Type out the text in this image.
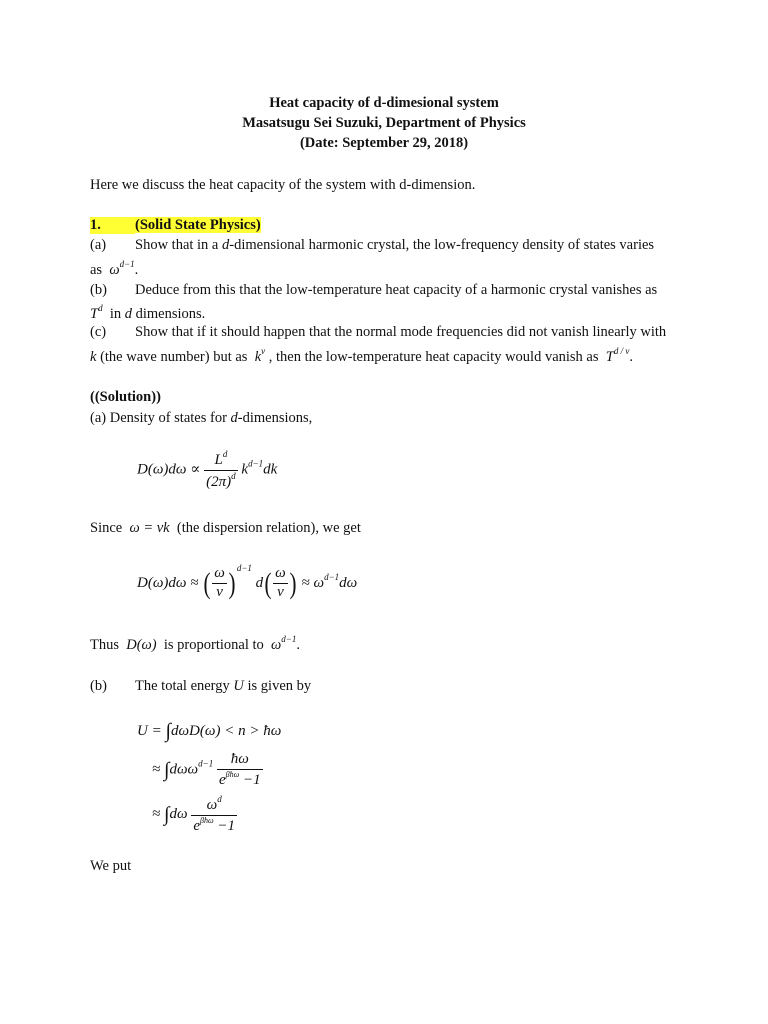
Heat capacity of d-dimesional system
Masatsugu Sei Suzuki, Department of Physics
(Date: September 29, 2018)
Here we discuss the heat capacity of the system with d-dimension.
1. (Solid State Physics)
(a) Show that in a d-dimensional harmonic crystal, the low-frequency density of states varies
as  $\omega^{d-1}$.
(b) Deduce from this that the low-temperature heat capacity of a harmonic crystal vanishes as
$T^d$ in d dimensions.
(c) Show that if it should happen that the normal mode frequencies did not vanish linearly with
k (the wave number) but as  $k^\nu$ , then the low-temperature heat capacity would vanish as  $T^{d / \nu}$.
((Solution))
(a) Density of states for d-dimensions,
$D(\omega)d\omega \propto \frac{L^d}{(2\pi)^d} k^{d-1}dk$
Since  ω = vk  (the dispersion relation), we get
D(ω)dω ≈ ( $\frac{\omega}{v}$ ) $^{d-1}$ $d( \frac{\omega}{v}$ ) ≈ $\omega^{d-1}d\omega$
Thus  D(ω)  is proportional to  $\omega^{d-1}$.
(b) The total energy U is given by
U = ∫dωD(ω) < n > ħω
≈ $\int d\omega\omega^{d-1} \frac{ħ\omega}{e^{\beta ħ\omega} -1}$
≈ $\int d\omega \frac{\omega^d}{e^{\beta ħ\omega} -1}$
We put
